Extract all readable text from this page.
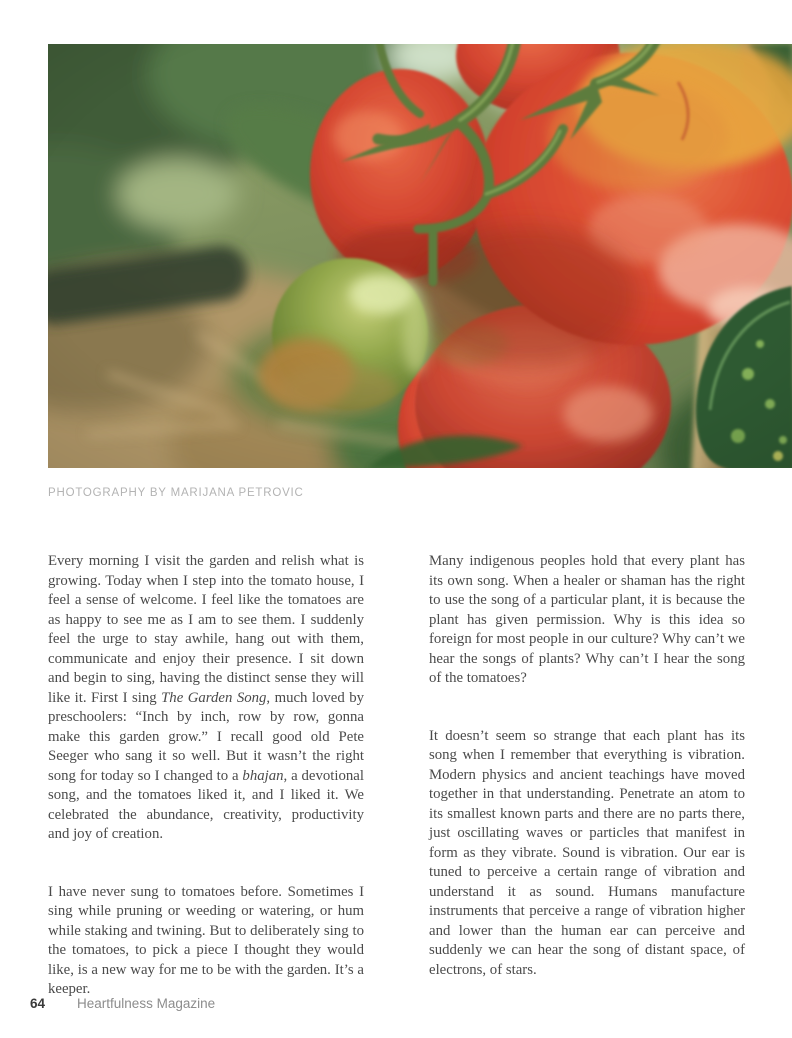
PHOTOGRAPHY BY MARIJANA PETROVIC

Every morning I visit the garden and relish what is growing. Today when I step into the tomato house, I feel a sense of welcome. I feel like the tomatoes are as happy to see me as I am to see them. I suddenly feel the urge to stay awhile, hang out with them, communicate and enjoy their presence. I sit down and begin to sing, having the distinct sense they will like it. First I sing The Garden Song, much loved by preschoolers: “Inch by inch, row by row, gonna make this garden grow.” I recall good old Pete Seeger who sang it so well. But it wasn’t the right song for today so I changed to a bhajan, a devotional song, and the tomatoes liked it, and I liked it. We celebrated the abundance, creativity, productivity and joy of creation.

I have never sung to tomatoes before. Sometimes I sing while pruning or weeding or watering, or hum while staking and twining. But to deliberately sing to the tomatoes, to pick a piece I thought they would like, is a new way for me to be with the garden. It’s a keeper.

Many indigenous peoples hold that every plant has its own song. When a healer or shaman has the right to use the song of a particular plant, it is because the plant has given permission. Why is this idea so foreign for most people in our culture? Why can’t we hear the songs of plants? Why can’t I hear the song of the tomatoes?

It doesn’t seem so strange that each plant has its song when I remember that everything is vibration. Modern physics and ancient teachings have moved together in that understanding. Penetrate an atom to its smallest known parts and there are no parts there, just oscillating waves or particles that manifest in form as they vibrate. Sound is vibration. Our ear is tuned to perceive a certain range of vibration and understand it as sound. Humans manufacture instruments that perceive a range of vibration higher and lower than the human ear can perceive and suddenly we can hear the song of distant space, of electrons, of stars.

64 Heartfulness Magazine
